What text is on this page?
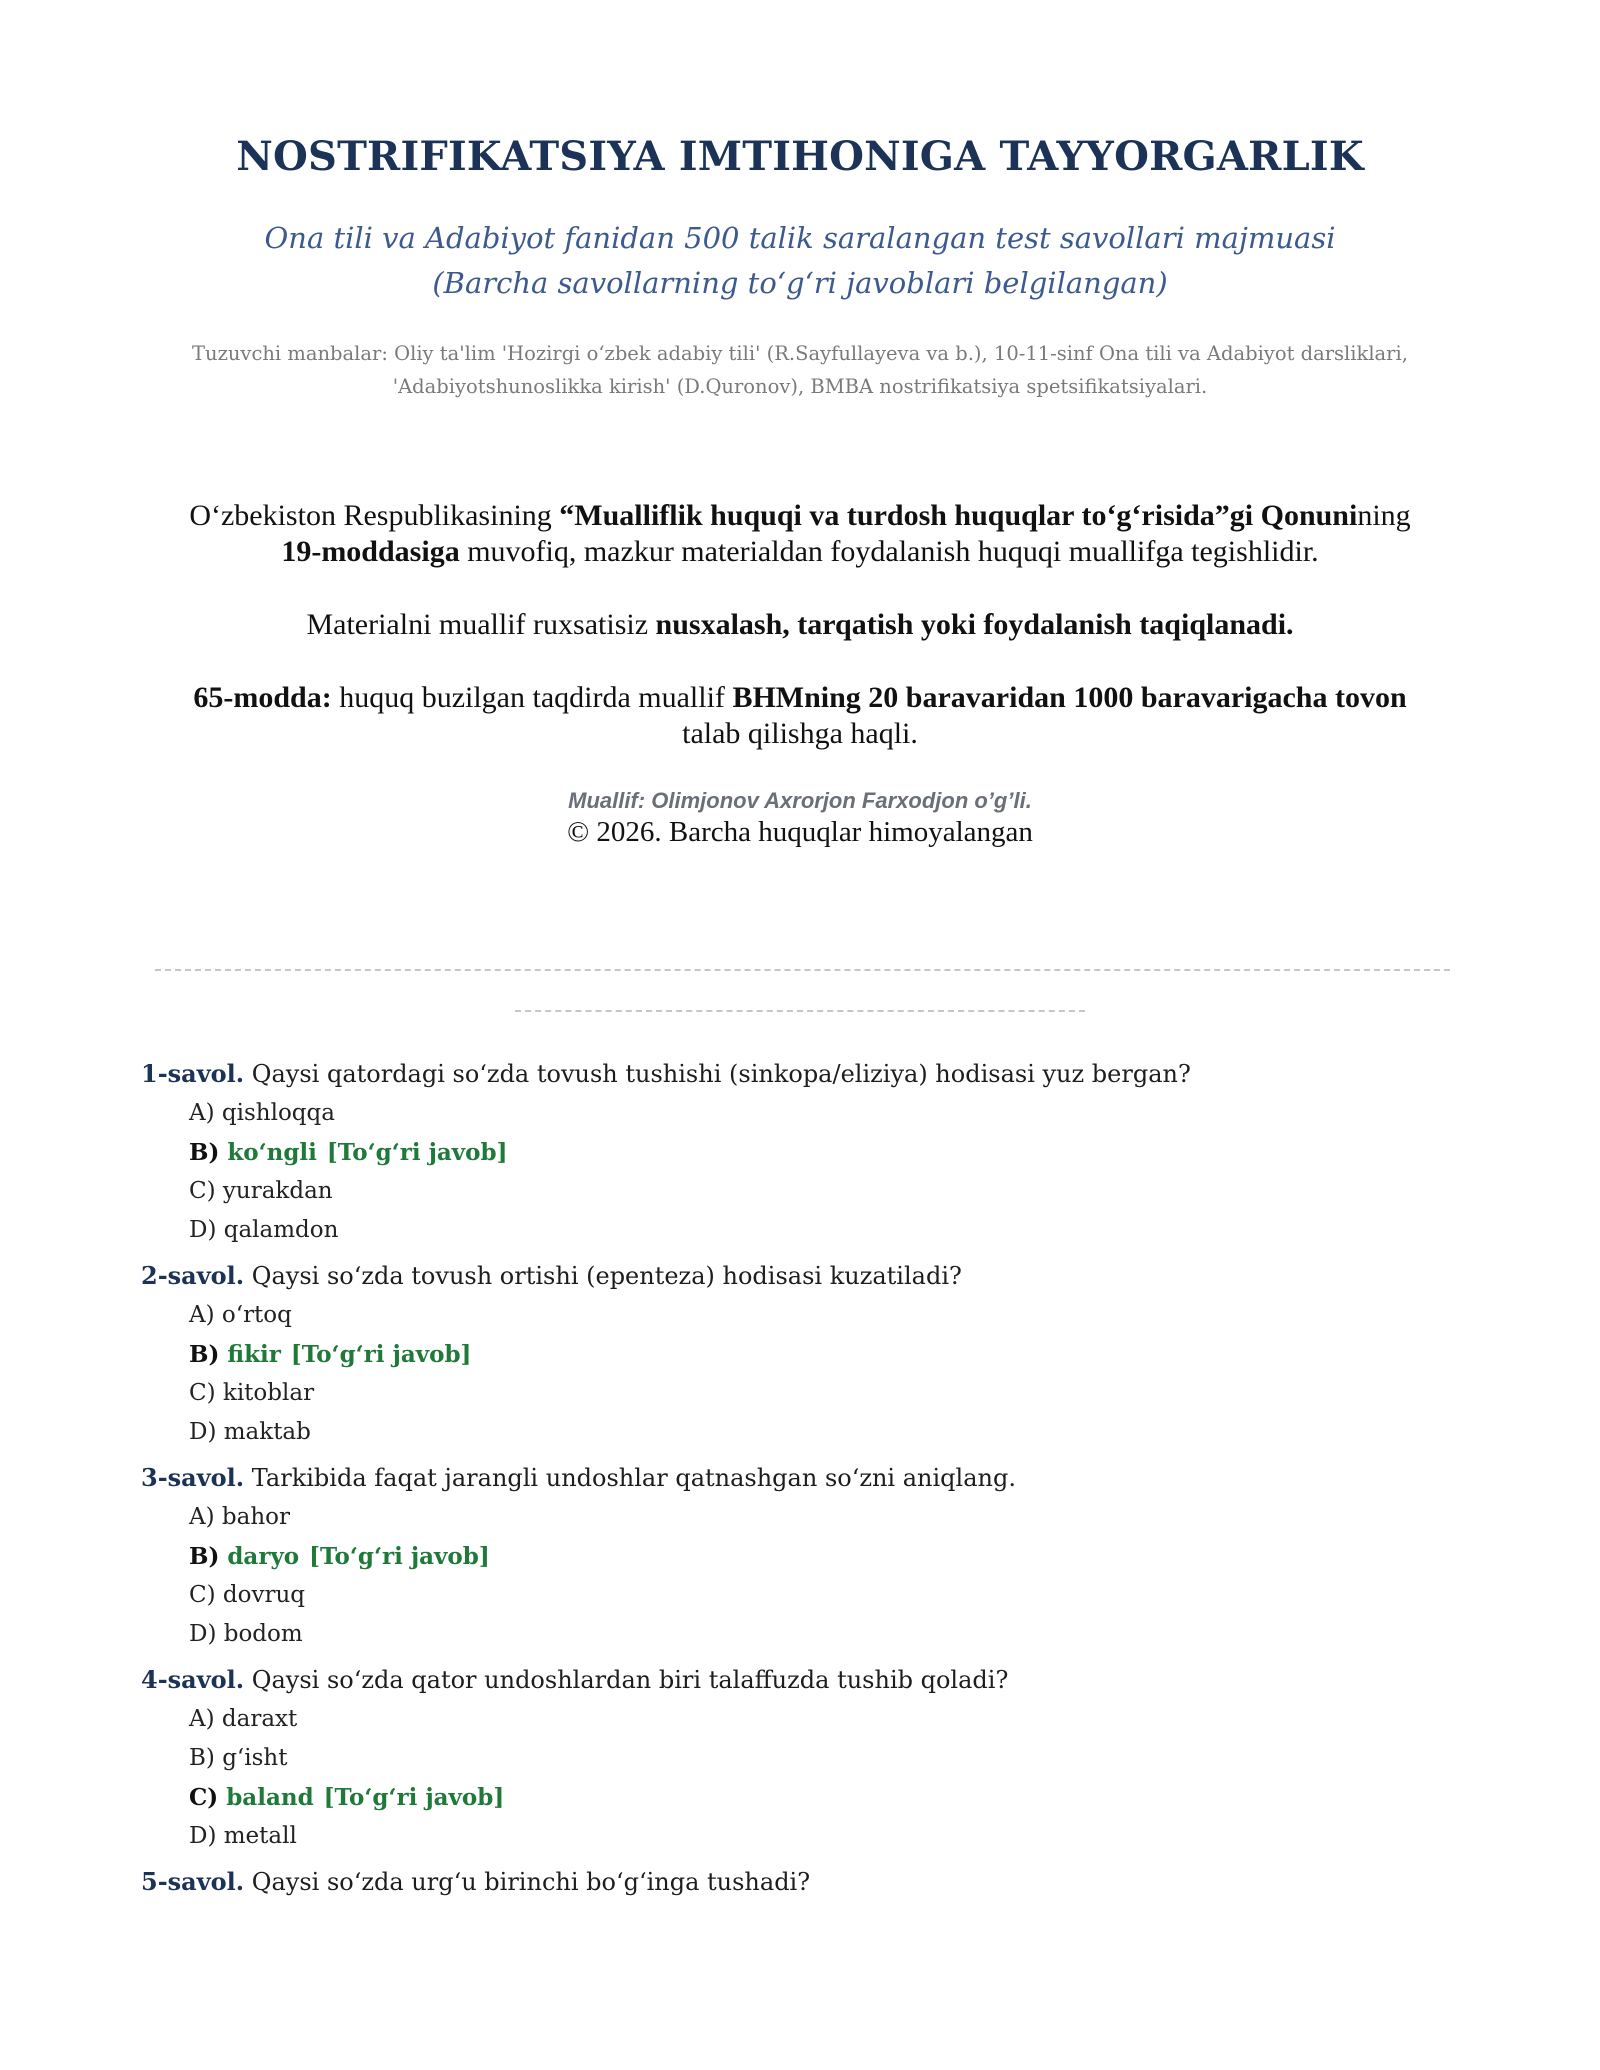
NOSTRIFIKATSIYA IMTIHONIGA TAYYORGARLIK
Ona tili va Adabiyot fanidan 500 talik saralangan test savollari majmuasi
(Barcha savollarning to‘g‘ri javoblari belgilangan)
Tuzuvchi manbalar: Oliy ta'lim 'Hozirgi o‘zbek adabiy tili' (R.Sayfullayeva va b.), 10-11-sinf Ona tili va Adabiyot darsliklari,
'Adabiyotshunoslikka kirish' (D.Quronov), BMBA nostrifikatsiya spetsifikatsiyalari.
O‘zbekiston Respublikasining “Mualliflik huquqi va turdosh huquqlar to‘g‘risida”gi Qonunining
19-moddasiga muvofiq, mazkur materialdan foydalanish huquqi muallifga tegishlidir.
Materialni muallif ruxsatisiz nusxalash, tarqatish yoki foydalanish taqiqlanadi.
65-modda: huquq buzilgan taqdirda muallif BHMning 20 baravaridan 1000 baravarigacha tovon
talab qilishga haqli.
Muallif: Olimjonov Axrorjon Farxodjon o’g’li.
© 2026. Barcha huquqlar himoyalangan
1-savol. Qaysi qatordagi so‘zda tovush tushishi (sinkopa/eliziya) hodisasi yuz bergan?
A) qishloqqa
B) ko‘ngli [To‘g‘ri javob]
C) yurakdan
D) qalamdon
2-savol. Qaysi so‘zda tovush ortishi (epenteza) hodisasi kuzatiladi?
A) o‘rtoq
B) fikir [To‘g‘ri javob]
C) kitoblar
D) maktab
3-savol. Tarkibida faqat jarangli undoshlar qatnashgan so‘zni aniqlang.
A) bahor
B) daryo [To‘g‘ri javob]
C) dovruq
D) bodom
4-savol. Qaysi so‘zda qator undoshlardan biri talaffuzda tushib qoladi?
A) daraxt
B) g‘isht
C) baland [To‘g‘ri javob]
D) metall
5-savol. Qaysi so‘zda urg‘u birinchi bo‘g‘inga tushadi?
